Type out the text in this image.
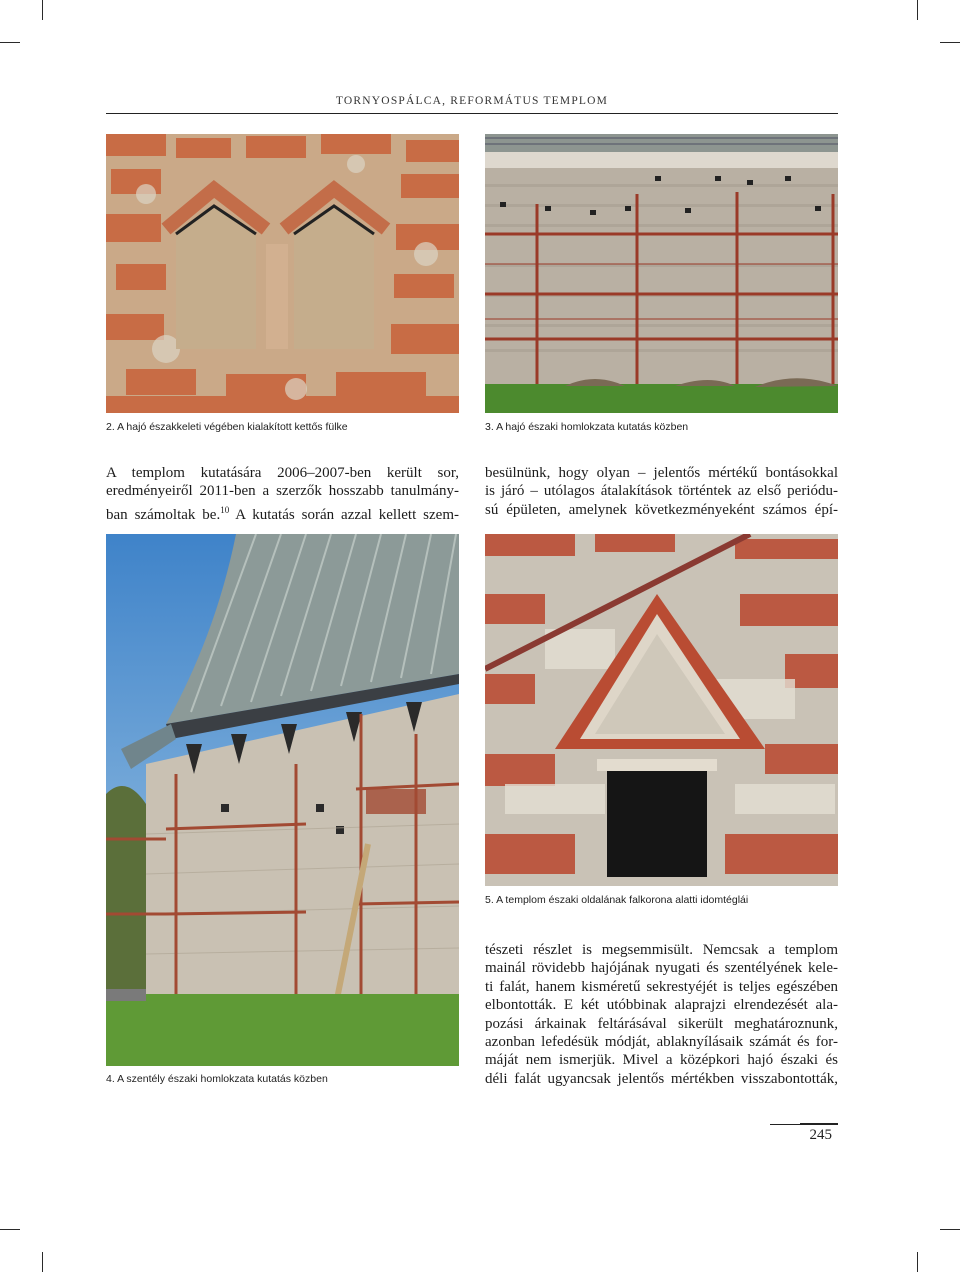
TORNYOSPÁLCA, REFORMÁTUS TEMPLOM
2. A hajó északkeleti végében kialakított kettős fülke	3. A hajó északi homlokzata kutatás közben

A templom kutatására 2006–2007-ben került sor,
eredményeiről 2011-ben a szerzők hosszabb tanulmány-
ban számoltak be.$^{10}$ A kutatás során azzal kellett szem-

besülnünk, hogy olyan – jelentős mértékű bontásokkal
is járó – utólagos átalakítások történtek az első periódu-
sú épületen, amelynek következményeként számos épí-

4. A szentély északi homlokzata kutatás közben
5. A templom északi oldalának falkorona alatti idomtéglái

tészeti részlet is megsemmisült. Nemcsak a templom
mainál rövidebb hajójának nyugati és szentélyének kele-
ti falát, hanem kisméretű sekrestyéjét is teljes egészében
elbontották. E két utóbbinak alaprajzi elrendezését ala-
pozási árkainak feltárásával sikerült meghatároznunk,
azonban lefedésük módját, ablaknyílásaik számát és for-
máját nem ismerjük. Mivel a középkori hajó északi és
déli falát ugyancsak jelentős mértékben visszabontották,

245
